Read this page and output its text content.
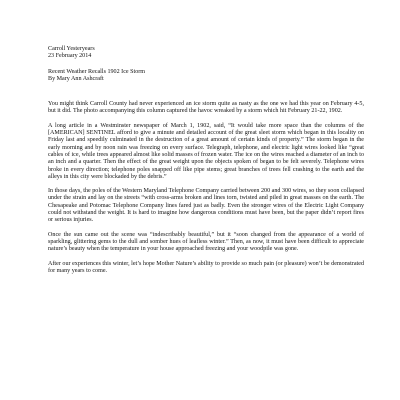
Carroll Yesteryears
23 February 2014
Recent Weather Recalls 1902 Ice Storm
By Mary Ann Ashcraft

You might think Carroll County had never experienced an ice storm quite as nasty as the one we had this year on February 4-5, but it did. The photo accompanying this column captured the havoc wreaked by a storm which hit February 21-22, 1902.

A long article in a Westminster newspaper of March 1, 1902, said, “It would take more space than the columns of the [AMERICAN] SENTINEL afford to give a minute and detailed account of the great sleet storm which began in this locality on Friday last and speedily culminated in the destruction of a great amount of certain kinds of property.” The storm began in the early morning and by noon rain was freezing on every surface. Telegraph, telephone, and electric light wires looked like “great cables of ice, while trees appeared almost like solid masses of frozen water. The ice on the wires reached a diameter of an inch to an inch and a quarter. Then the effect of the great weight upon the objects spoken of began to be felt severely. Telephone wires broke in every direction; telephone poles snapped off like pipe stems; great branches of trees fell crashing to the earth and the alleys in this city were blockaded by the debris.”

In those days, the poles of the Western Maryland Telephone Company carried between 200 and 300 wires, so they soon collapsed under the strain and lay on the streets “with cross-arms broken and lines torn, twisted and piled in great masses on the earth. The Chesapeake and Potomac Telephone Company lines fared just as badly. Even the stronger wires of the Electric Light Company could not withstand the weight. It is hard to imagine how dangerous conditions must have been, but the paper didn’t report fires or serious injuries.

Once the sun came out the scene was “indescribably beautiful,” but it “soon changed from the appearance of a world of sparkling, glittering gems to the dull and somber hues of leafless winter.” Then, as now, it must have been difficult to appreciate nature’s beauty when the temperature in your house approached freezing and your woodpile was gone.

After our experiences this winter, let’s hope Mother Nature’s ability to provide so much pain (or pleasure) won’t be demonstrated for many years to come.
